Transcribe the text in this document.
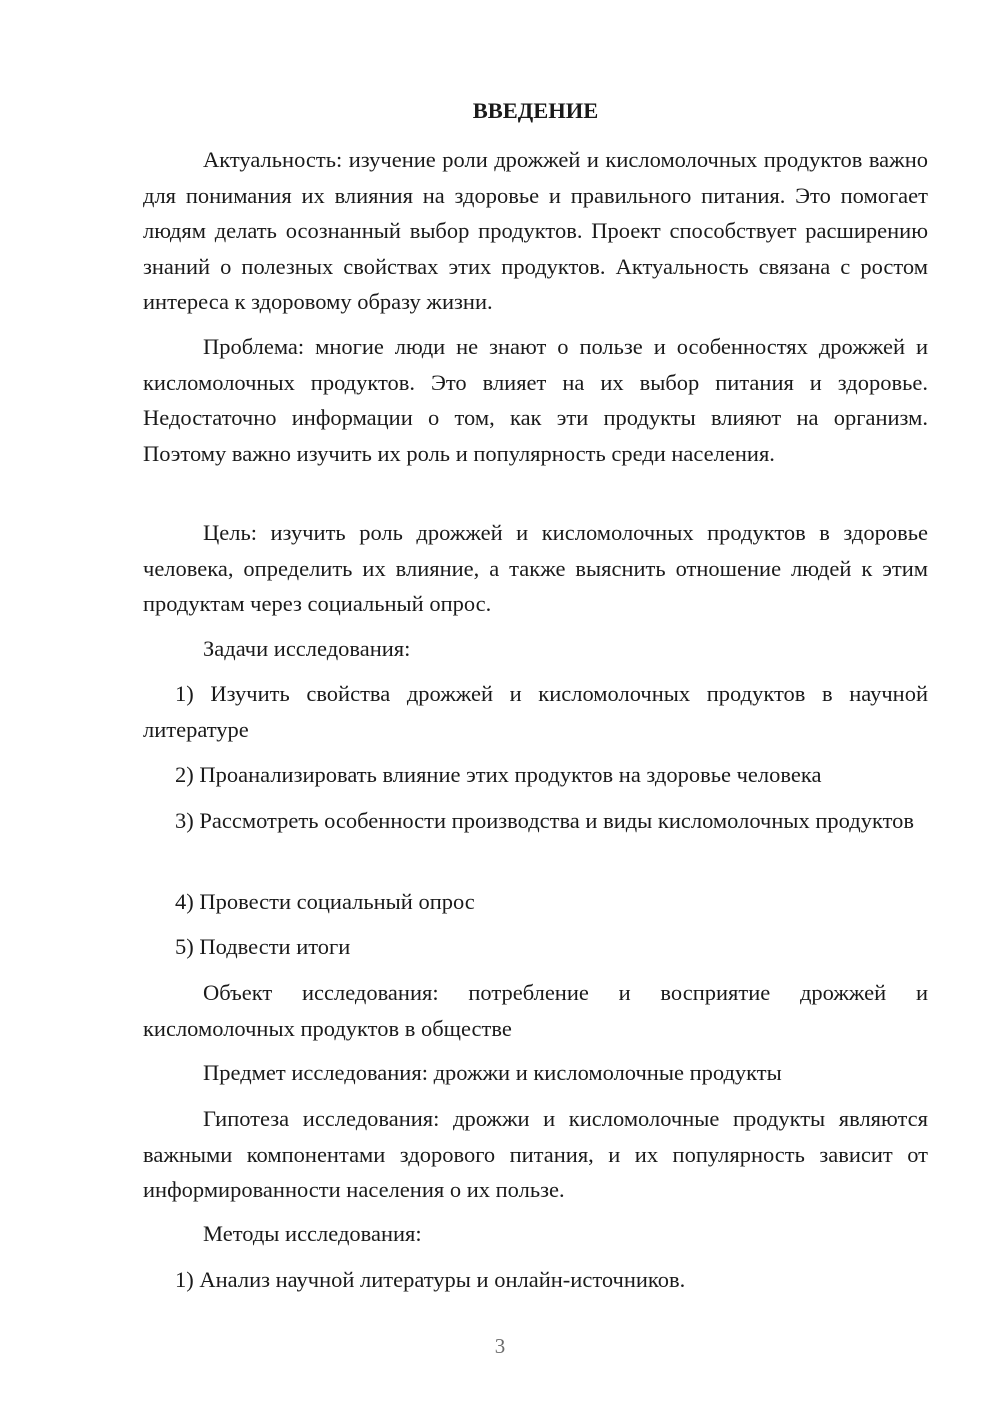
ВВЕДЕНИЕ

Актуальность: изучение роли дрожжей и кисломолочных продуктов важно для понимания их влияния на здоровье и правильного питания. Это помогает людям делать осознанный выбор продуктов. Проект способствует расширению знаний о полезных свойствах этих продуктов. Актуальность связана с ростом интереса к здоровому образу жизни.

Проблема: многие люди не знают о пользе и особенностях дрожжей и кисломолочных продуктов. Это влияет на их выбор питания и здоровье. Недостаточно информации о том, как эти продукты влияют на организм. Поэтому важно изучить их роль и популярность среди населения.

Цель: изучить роль дрожжей и кисломолочных продуктов в здоровье человека, определить их влияние, а также выяснить отношение людей к этим продуктам через социальный опрос.

Задачи исследования:

1) Изучить свойства дрожжей и кисломолочных продуктов в научной литературе

2) Проанализировать влияние этих продуктов на здоровье человека

3) Рассмотреть особенности производства и виды кисломолочных продуктов

4) Провести социальный опрос

5) Подвести итоги

Объект исследования: потребление и восприятие дрожжей и кисломолочных продуктов в обществе

Предмет исследования: дрожжи и кисломолочные продукты

Гипотеза исследования: дрожжи и кисломолочные продукты являются важными компонентами здорового питания, и их популярность зависит от информированности населения о их пользе.

Методы исследования:

1) Анализ научной литературы и онлайн-источников.

3
